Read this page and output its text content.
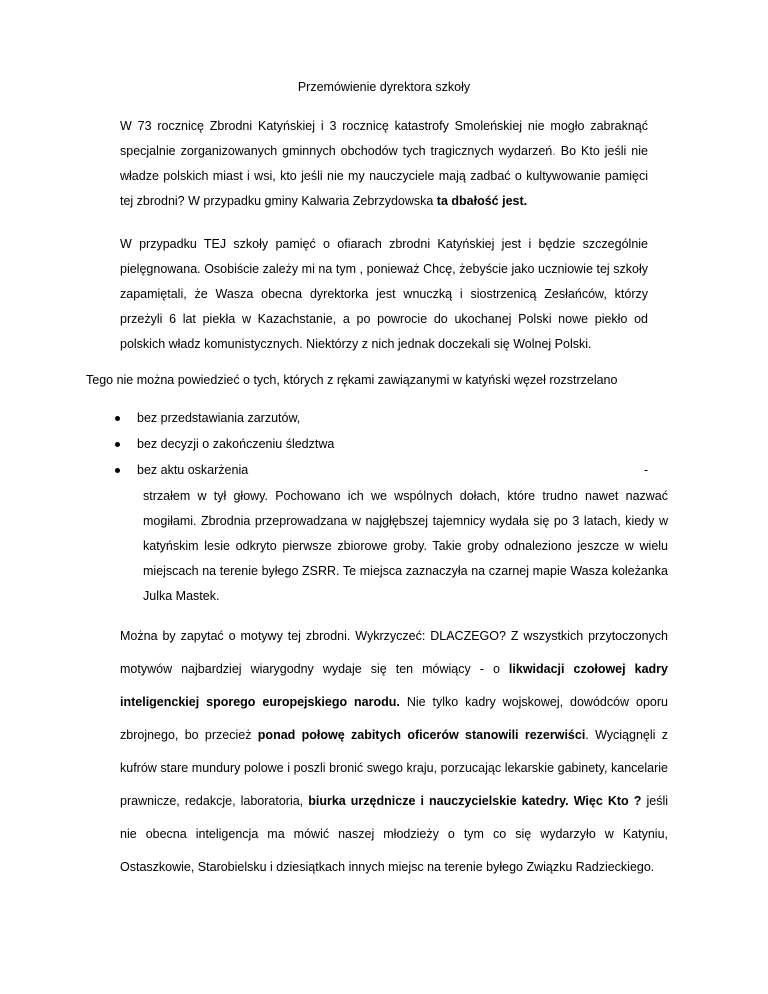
Przemówienie dyrektora szkoły
W 73 rocznicę Zbrodni Katyńskiej i 3 rocznicę katastrofy Smoleńskiej nie mogło zabraknąć specjalnie zorganizowanych gminnych obchodów tych tragicznych wydarzeń. Bo Kto jeśli nie władze polskich miast i wsi, kto jeśli nie my nauczyciele mają zadbać o kultywowanie pamięci tej zbrodni? W przypadku gminy Kalwaria Zebrzydowska ta dbałość jest.
W przypadku TEJ szkoły pamięć o ofiarach zbrodni Katyńskiej jest i będzie szczególnie pielęgnowana. Osobiście zależy mi na tym , ponieważ Chcę, żebyście jako uczniowie tej szkoły zapamiętali, że Wasza obecna dyrektorka jest wnuczką i siostrzenicą Zesłańców, którzy przeżyli 6 lat piekła w Kazachstanie, a po powrocie do ukochanej Polski nowe piekło od polskich władz komunistycznych. Niektórzy z nich jednak doczekali się Wolnej Polski.
Tego nie można powiedzieć o tych, których z rękami zawiązanymi w katyński węzeł rozstrzelano
bez przedstawiania zarzutów,
bez decyzji o zakończeniu śledztwa
bez aktu oskarżenia	-
strzałem w tył głowy. Pochowano ich we wspólnych dołach, które trudno nawet nazwać mogiłami. Zbrodnia przeprowadzana w najgłębszej tajemnicy wydała się po 3 latach, kiedy w katyńskim lesie odkryto pierwsze zbiorowe groby. Takie groby odnaleziono jeszcze w wielu miejscach na terenie byłego ZSRR. Te miejsca zaznaczyła na czarnej mapie Wasza koleżanka Julka Mastek.
Można by zapytać o motywy tej zbrodni. Wykrzyczeć: DLACZEGO? Z wszystkich przytoczonych motywów najbardziej wiarygodny wydaje się ten mówiący - o likwidacji czołowej kadry inteligenckiej sporego europejskiego narodu. Nie tylko kadry wojskowej, dowódców oporu zbrojnego, bo przecież ponad połowę zabitych oficerów stanowili rezerwiści. Wyciągnęli z kufrów stare mundury polowe i poszli bronić swego kraju, porzucając lekarskie gabinety, kancelarie prawnicze, redakcje, laboratoria, biurka urzędnicze i nauczycielskie katedry. Więc Kto ? jeśli nie obecna inteligencja ma mówić naszej młodzieży o tym co się wydarzyło w Katyniu, Ostaszkowie, Starobielsku i dziesiątkach innych miejsc na terenie byłego Związku Radzieckiego.
